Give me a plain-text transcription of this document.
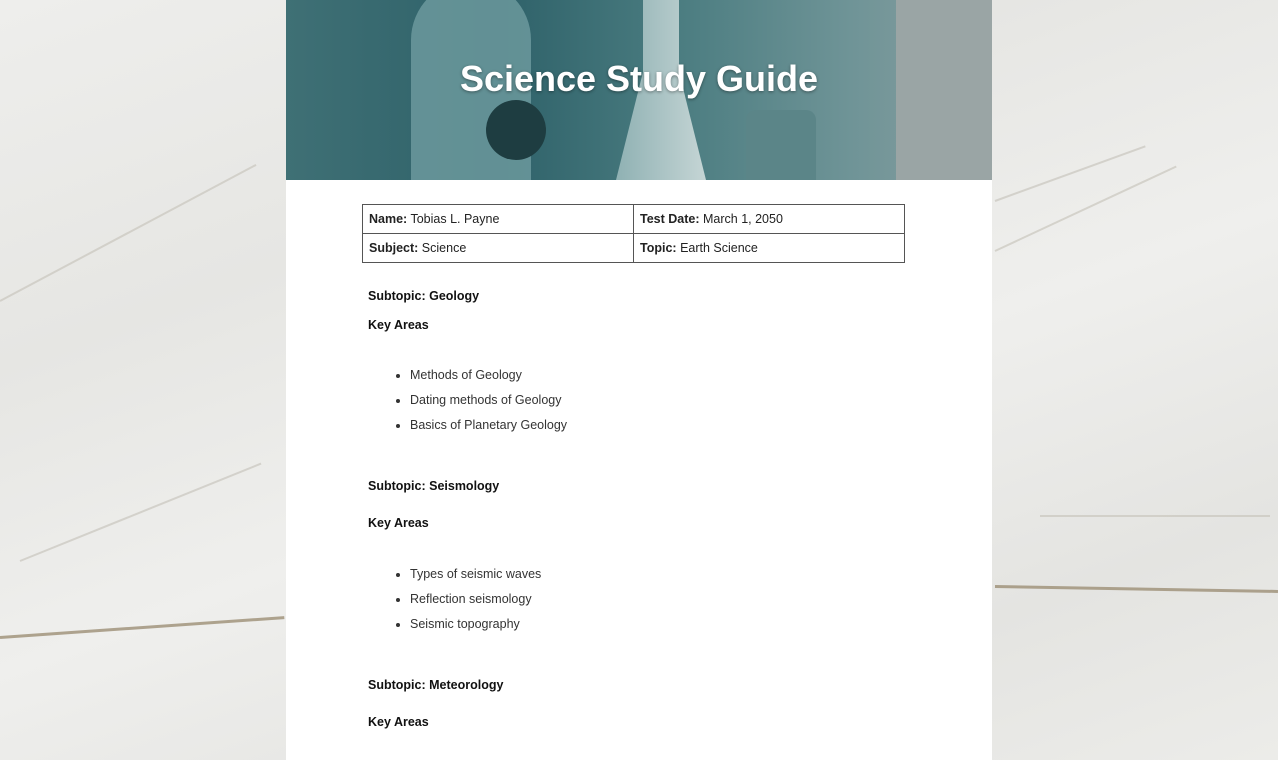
Science Study Guide
Name: Tobias L. Payne	Test Date: March 1, 2050
Subject: Science	Topic: Earth Science
Subtopic: Geology
Key Areas
• Methods of Geology
• Dating methods of Geology
• Basics of Planetary Geology
Subtopic: Seismology
Key Areas
• Types of seismic waves
• Reflection seismology
• Seismic topography
Subtopic: Meteorology
Key Areas
